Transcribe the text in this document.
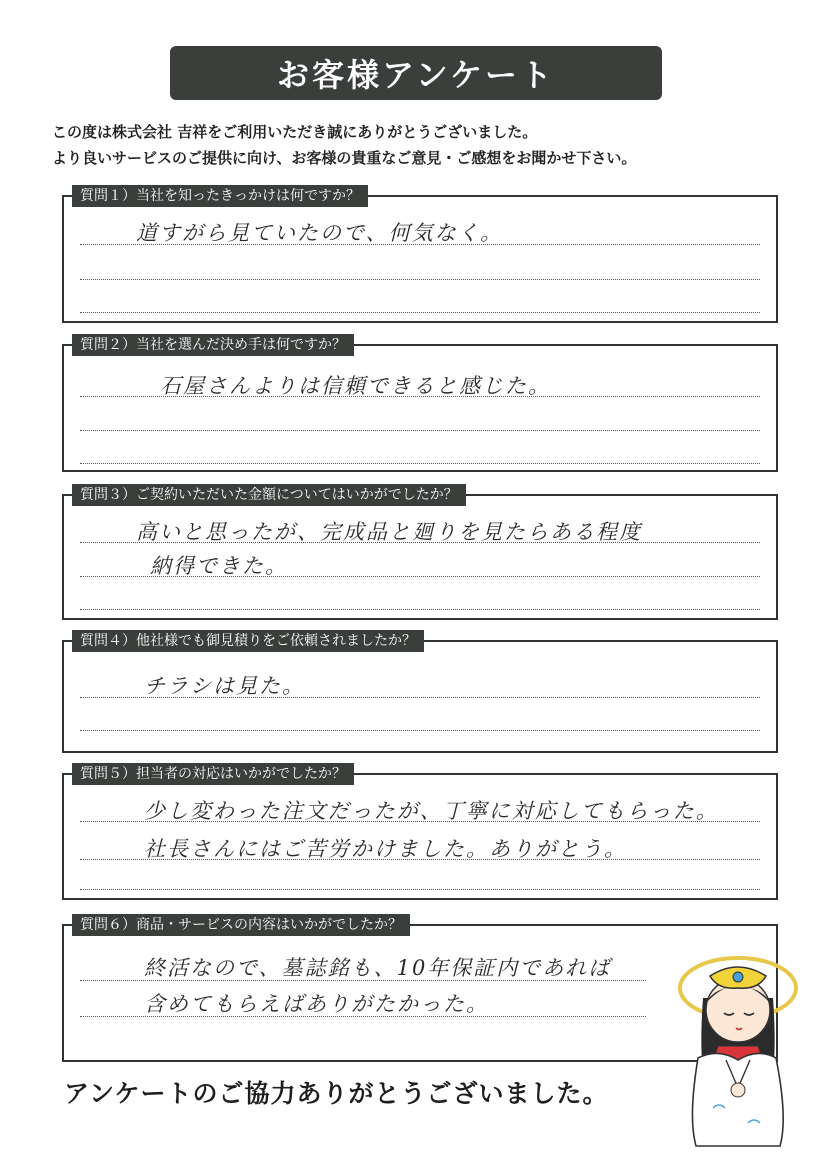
お客様アンケート
この度は株式会社 吉祥をご利用いただき誠にありがとうございました。
より良いサービスのご提供に向け、お客様の貴重なご意見・ご感想をお聞かせ下さい。
質問１）当社を知ったきっかけは何ですか？
道すがら見ていたので、何気なく。
質問２）当社を選んだ決め手は何ですか？
石屋さんよりは信頼できると感じた。
質問３）ご契約いただいた金額についてはいかがでしたか？
高いと思ったが、完成品と廻りを見たらある程度
納得できた。
質問４）他社様でも御見積りをご依頼されましたか？
チラシは見た。
質問５）担当者の対応はいかがでしたか？
少し変わった注文だったが、丁寧に対応してもらった。
社長さんにはご苦労かけました。ありがとう。
質問６）商品・サービスの内容はいかがでしたか？
終活なので、墓誌銘も、10年保証内であれば
含めてもらえばありがたかった。
アンケートのご協力ありがとうございました。
